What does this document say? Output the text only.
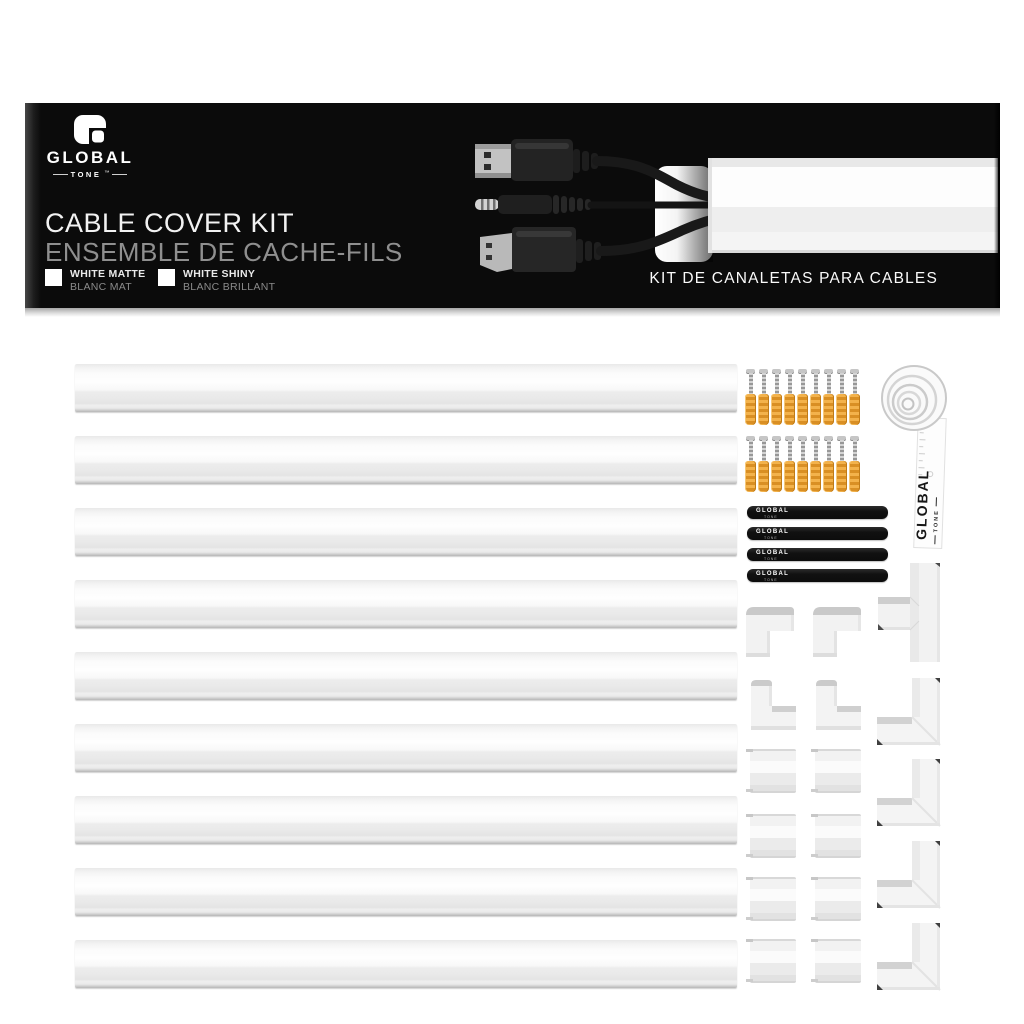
GLOBAL
TONE ™
CABLE COVER KIT
ENSEMBLE DE CACHE-FILS
WHITE MATTE
BLANC MAT
WHITE SHINY
BLANC BRILLANT
KIT DE CANALETAS PARA CABLES
GLOBAL TONE
GLOBAL
TONE
GLOBAL
TONE
GLOBAL
TONE
GLOBAL
TONE
